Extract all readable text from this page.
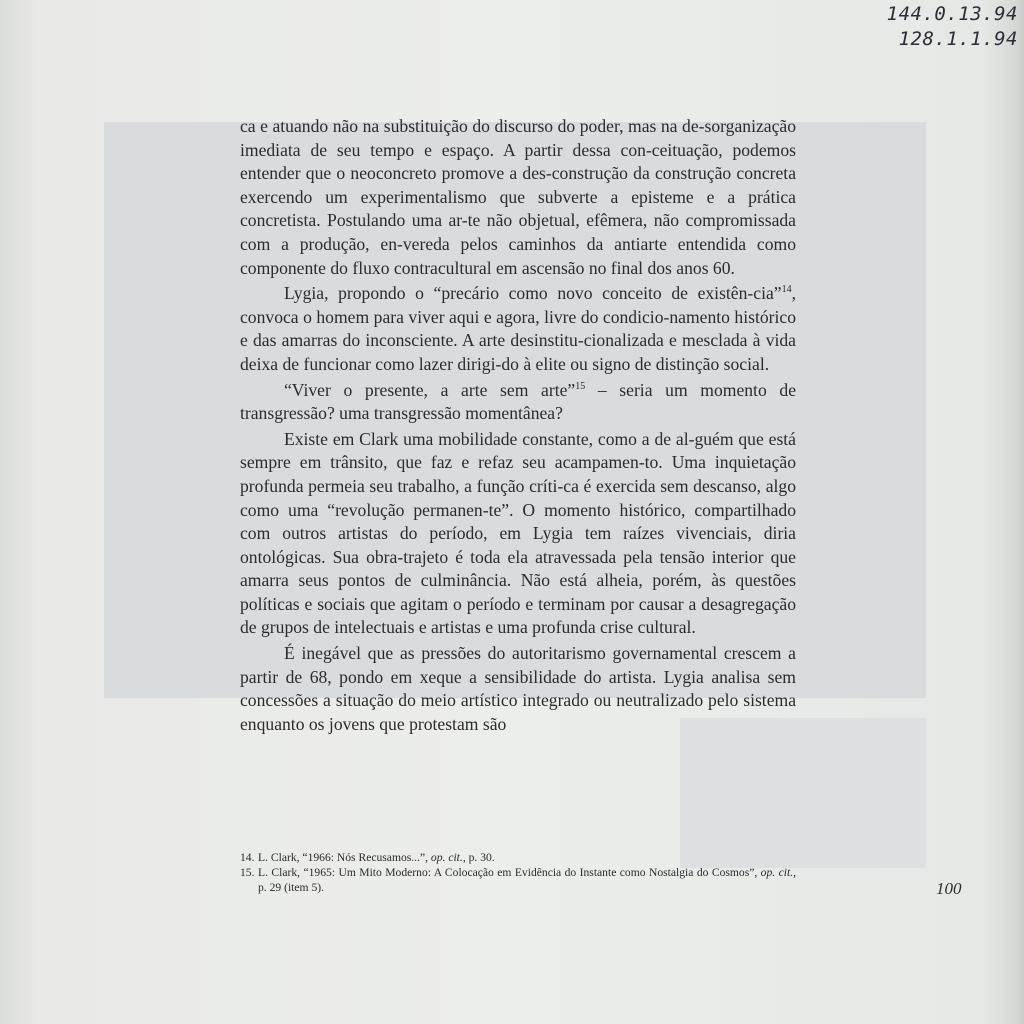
144.0.13.94
128.1.1.94

ca e atuando não na substituição do discurso do poder, mas na de-sorganização imediata de seu tempo e espaço. A partir dessa con-ceituação, podemos entender que o neoconcreto promove a des-construção da construção concreta exercendo um experimentalismo que subverte a episteme e a prática concretista. Postulando uma ar-te não objetual, efêmera, não compromissada com a produção, en-vereda pelos caminhos da antiarte entendida como componente do fluxo contracultural em ascensão no final dos anos 60.

Lygia, propondo o “precário como novo conceito de existên-cia”$^{14}$, convoca o homem para viver aqui e agora, livre do condicio-namento histórico e das amarras do inconsciente. A arte desinstitu-cionalizada e mesclada à vida deixa de funcionar como lazer dirigi-do à elite ou signo de distinção social.

“Viver o presente, a arte sem arte”$^{15}$ – seria um momento de transgressão? uma transgressão momentânea?

Existe em Clark uma mobilidade constante, como a de al-guém que está sempre em trânsito, que faz e refaz seu acampamen-to. Uma inquietação profunda permeia seu trabalho, a função críti-ca é exercida sem descanso, algo como uma “revolução permanen-te”. O momento histórico, compartilhado com outros artistas do período, em Lygia tem raízes vivenciais, diria ontológicas. Sua obra-trajeto é toda ela atravessada pela tensão interior que amarra seus pontos de culminância. Não está alheia, porém, às questões políticas e sociais que agitam o período e terminam por causar a desagregação de grupos de intelectuais e artistas e uma profunda crise cultural.

É inegável que as pressões do autoritarismo governamental crescem a partir de 68, pondo em xeque a sensibilidade do artista. Lygia analisa sem concessões a situação do meio artístico integrado ou neutralizado pelo sistema enquanto os jovens que protestam são

14. L. Clark, “1966: Nós Recusamos...”, op. cit., p. 30.
15. L. Clark, “1965: Um Mito Moderno: A Colocação em Evidência do Instante como Nostalgia do Cosmos”, op. cit., p. 29 (item 5).	100
